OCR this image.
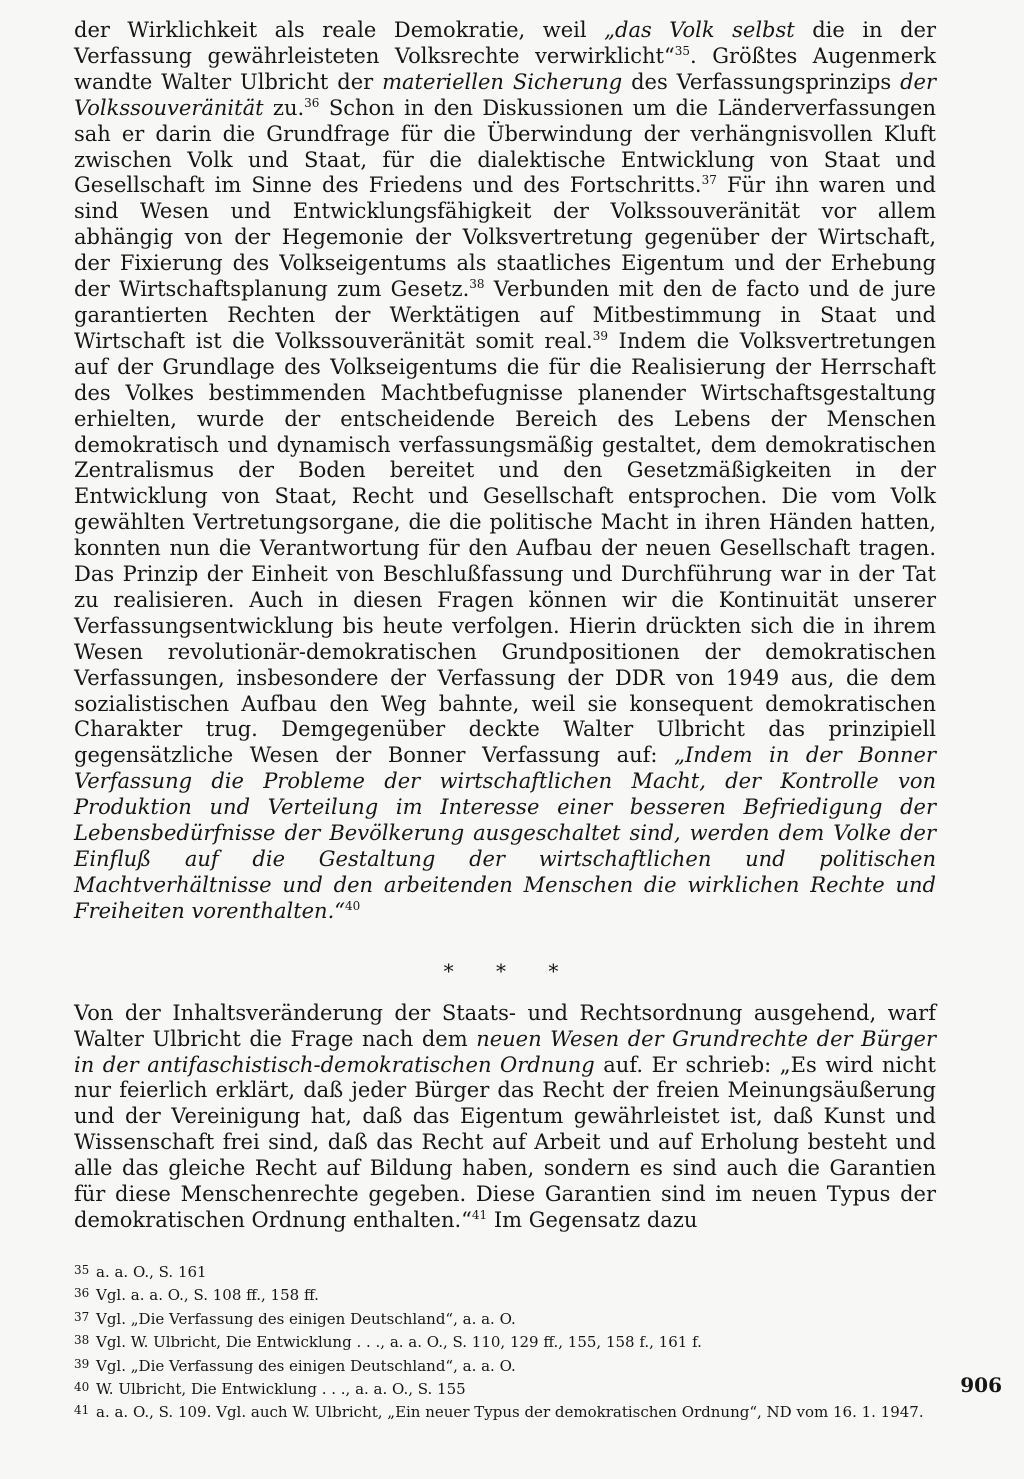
der Wirklichkeit als reale Demokratie, weil „das Volk selbst die in der Verfassung gewährleisteten Volksrechte verwirklicht“$^{35}$. Größtes Augenmerk wandte Walter Ulbricht der materiellen Sicherung des Verfassungsprinzips der Volkssouveränität zu.$^{36}$ Schon in den Diskussionen um die Länderverfassungen sah er darin die Grundfrage für die Überwindung der verhängnisvollen Kluft zwischen Volk und Staat, für die dialektische Entwicklung von Staat und Gesellschaft im Sinne des Friedens und des Fortschritts.$^{37}$ Für ihn waren und sind Wesen und Entwicklungsfähigkeit der Volkssouveränität vor allem abhängig von der Hegemonie der Volksvertretung gegenüber der Wirtschaft, der Fixierung des Volkseigentums als staatliches Eigentum und der Erhebung der Wirtschaftsplanung zum Gesetz.$^{38}$ Verbunden mit den de facto und de jure garantierten Rechten der Werktätigen auf Mitbestimmung in Staat und Wirtschaft ist die Volkssouveränität somit real.$^{39}$ Indem die Volksvertretungen auf der Grundlage des Volkseigentums die für die Realisierung der Herrschaft des Volkes bestimmenden Machtbefugnisse planender Wirtschaftsgestaltung erhielten, wurde der entscheidende Bereich des Lebens der Menschen demokratisch und dynamisch verfassungsmäßig gestaltet, dem demokratischen Zentralismus der Boden bereitet und den Gesetzmäßigkeiten in der Entwicklung von Staat, Recht und Gesellschaft entsprochen. Die vom Volk gewählten Vertretungsorgane, die die politische Macht in ihren Händen hatten, konnten nun die Verantwortung für den Aufbau der neuen Gesellschaft tragen. Das Prinzip der Einheit von Beschlußfassung und Durchführung war in der Tat zu realisieren. Auch in diesen Fragen können wir die Kontinuität unserer Verfassungsentwicklung bis heute verfolgen. Hierin drückten sich die in ihrem Wesen revolutionär-demokratischen Grundpositionen der demokratischen Verfassungen, insbesondere der Verfassung der DDR von 1949 aus, die dem sozialistischen Aufbau den Weg bahnte, weil sie konsequent demokratischen Charakter trug. Demgegenüber deckte Walter Ulbricht das prinzipiell gegensätzliche Wesen der Bonner Verfassung auf: „Indem in der Bonner Verfassung die Probleme der wirtschaftlichen Macht, der Kontrolle von Produktion und Verteilung im Interesse einer besseren Befriedigung der Lebensbedürfnisse der Bevölkerung ausgeschaltet sind, werden dem Volke der Einfluß auf die Gestaltung der wirtschaftlichen und politischen Machtverhältnisse und den arbeitenden Menschen die wirklichen Rechte und Freiheiten vorenthalten.“$^{40}$

* * *

Von der Inhaltsveränderung der Staats- und Rechtsordnung ausgehend, warf Walter Ulbricht die Frage nach dem neuen Wesen der Grundrechte der Bürger in der antifaschistisch-demokratischen Ordnung auf. Er schrieb: „Es wird nicht nur feierlich erklärt, daß jeder Bürger das Recht der freien Meinungsäußerung und der Vereinigung hat, daß das Eigentum gewährleistet ist, daß Kunst und Wissenschaft frei sind, daß das Recht auf Arbeit und auf Erholung besteht und alle das gleiche Recht auf Bildung haben, sondern es sind auch die Garantien für diese Menschenrechte gegeben. Diese Garantien sind im neuen Typus der demokratischen Ordnung enthalten.“$^{41}$ Im Gegensatz dazu

35 a. a. O., S. 161

36 Vgl. a. a. O., S. 108 ff., 158 ff.

37 Vgl. „Die Verfassung des einigen Deutschland“, a. a. O.

38 Vgl. W. Ulbricht, Die Entwicklung . . ., a. a. O., S. 110, 129 ff., 155, 158 f., 161 f.

39 Vgl. „Die Verfassung des einigen Deutschland“, a. a. O.

40 W. Ulbricht, Die Entwicklung . . ., a. a. O., S. 155

41 a. a. O., S. 109. Vgl. auch W. Ulbricht, „Ein neuer Typus der demokratischen Ordnung“, ND vom 16. 1. 1947.

906
